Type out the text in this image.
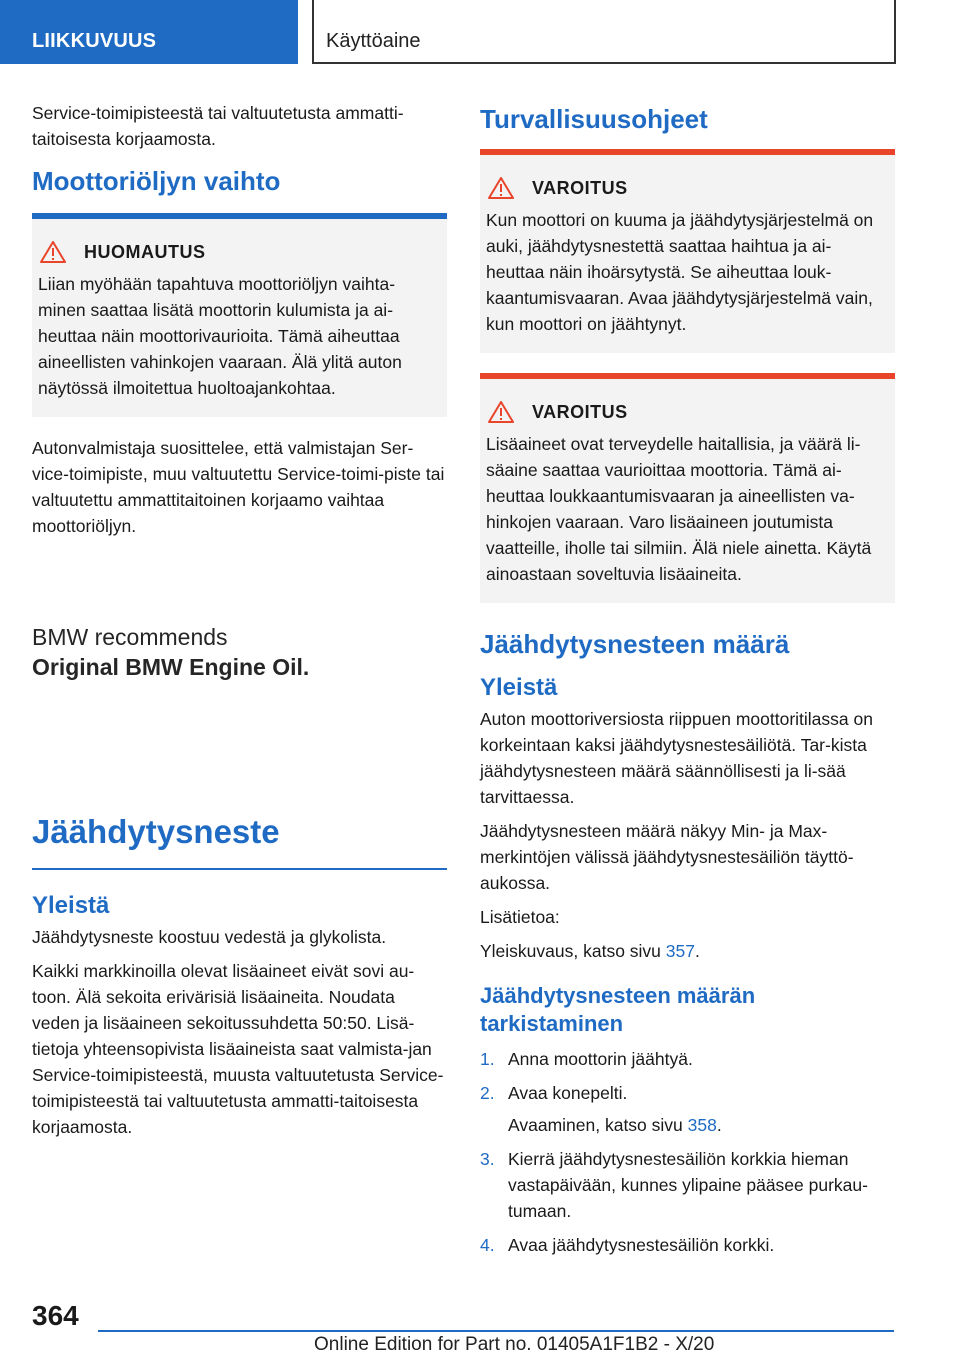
LIIKKUVUUS	Käyttöaine

Service-toimipisteestä tai valtuutetusta ammatti-taitoisesta korjaamosta.

Moottoriöljyn vaihto
HUOMAUTUS

Liian myöhään tapahtuva moottoriöljyn vaihta-minen saattaa lisätä moottorin kulumista ja ai-heuttaa näin moottorivaurioita. Tämä aiheuttaa aineellisten vahinkojen vaaraan. Älä ylitä auton näytössä ilmoitettua huoltoajankohtaa.

Autonvalmistaja suosittelee, että valmistajan Ser-vice-toimipiste, muu valtuutettu Service-toimi-piste tai valtuutettu ammattitaitoinen korjaamo vaihtaa moottoriöljyn.

BMW recommends
Original BMW Engine Oil.
Jäähdytysneste
Yleistä

Jäähdytysneste koostuu vedestä ja glykolista.

Kaikki markkinoilla olevat lisäaineet eivät sovi au-toon. Älä sekoita erivärisiä lisäaineita. Noudata veden ja lisäaineen sekoitussuhdetta 50:50. Lisä-tietoja yhteensopivista lisäaineista saat valmista-jan Service-toimipisteestä, muusta valtuutetusta Service-toimipisteestä tai valtuutetusta ammatti-taitoisesta korjaamosta.

Turvallisuusohjeet
VAROITUS

Kun moottori on kuuma ja jäähdytysjärjestelmä on auki, jäähdytysnestettä saattaa haihtua ja ai-heuttaa näin ihoärsytystä. Se aiheuttaa louk-kaantumisvaaran. Avaa jäähdytysjärjestelmä vain, kun moottori on jäähtynyt.

VAROITUS

Lisäaineet ovat terveydelle haitallisia, ja väärä li-säaine saattaa vaurioittaa moottoria. Tämä ai-heuttaa loukkaantumisvaaran ja aineellisten va-hinkojen vaaraan. Varo lisäaineen joutumista vaatteille, iholle tai silmiin. Älä niele ainetta. Käytä ainoastaan soveltuvia lisäaineita.

Jäähdytysnesteen määrä
Yleistä

Auton moottoriversiosta riippuen moottoritilassa on korkeintaan kaksi jäähdytysnestesäiliötä. Tar-kista jäähdytysnesteen määrä säännöllisesti ja li-sää tarvittaessa.

Jäähdytysnesteen määrä näkyy Min- ja Max-merkintöjen välissä jäähdytysnestesäiliön täyttö-aukossa.

Lisätietoa:

Yleiskuvaus, katso sivu 357.

Jäähdytysnesteen määrän tarkistaminen
1. Anna moottorin jäähtyä.
2. Avaa konepelti.
Avaaminen, katso sivu 358.
3. Kierrä jäähdytysnestesäiliön korkkia hieman vastapäivään, kunnes ylipaine pääsee purkau-tumaan.
4. Avaa jäähdytysnestesäiliön korkki.
364
Online Edition for Part no. 01405A1F1B2 - X/20
